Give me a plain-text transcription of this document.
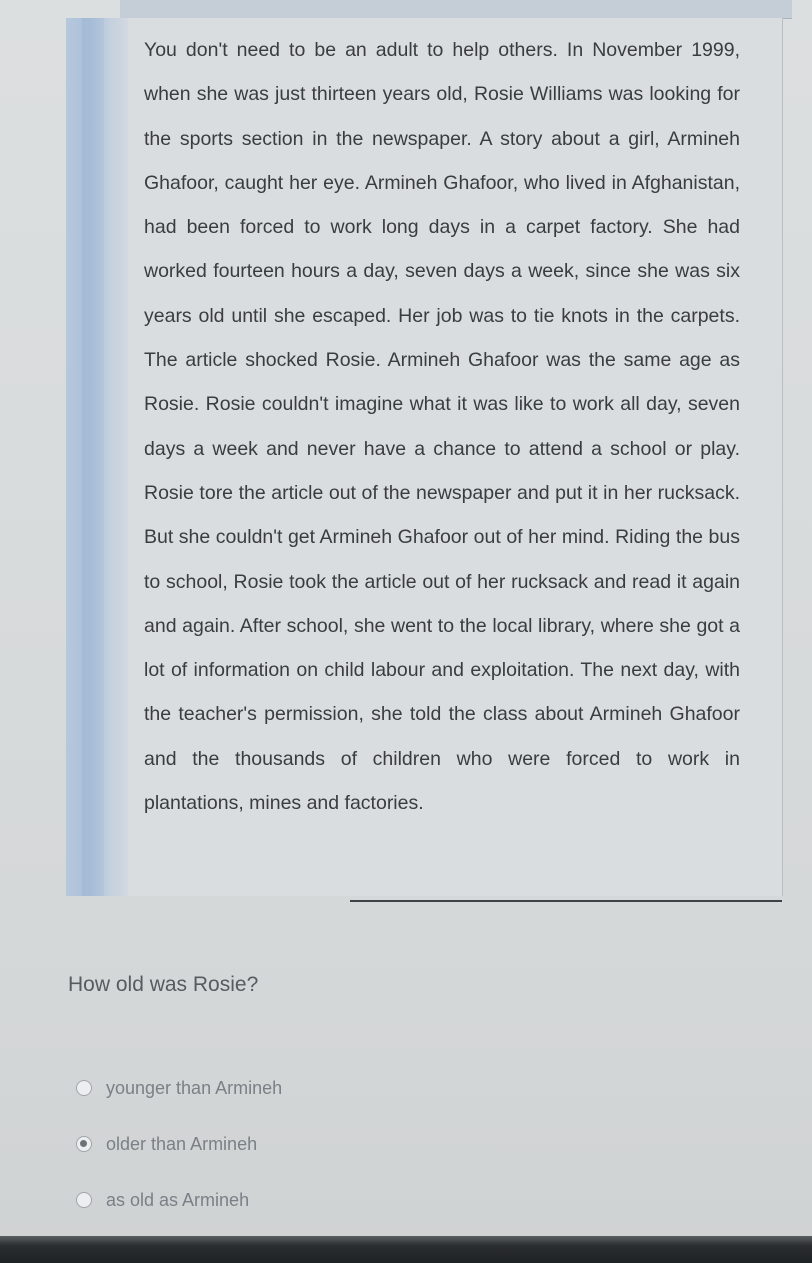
You don't need to be an adult to help others. In November 1999, when she was just thirteen years old, Rosie Williams was looking for the sports section in the newspaper. A story about a girl, Armineh Ghafoor, caught her eye. Armineh Ghafoor, who lived in Afghanistan, had been forced to work long days in a carpet factory. She had worked fourteen hours a day, seven days a week, since she was six years old until she escaped. Her job was to tie knots in the carpets. The article shocked Rosie. Armineh Ghafoor was the same age as Rosie. Rosie couldn't imagine what it was like to work all day, seven days a week and never have a chance to attend a school or play. Rosie tore the article out of the newspaper and put it in her rucksack. But she couldn't get Armineh Ghafoor out of her mind. Riding the bus to school, Rosie took the article out of her rucksack and read it again and again. After school, she went to the local library, where she got a lot of information on child labour and exploitation. The next day, with the teacher's permission, she told the class about Armineh Ghafoor and the thousands of children who were forced to work in plantations, mines and factories.

How old was Rosie?
younger than Armineh
older than Armineh
as old as Armineh
